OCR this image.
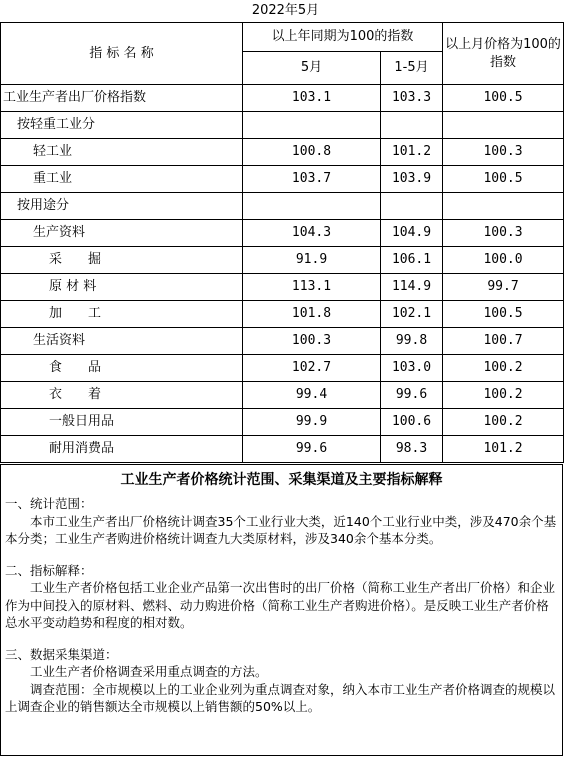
2022年5月
指 标 名 称	以上年同期为100的指数		以上月价格为100的指数
	5月	1-5月	
工业生产者出厂价格指数	103.1	103.3	100.5
按轻重工业分			
轻工业	100.8	101.2	100.3
重工业	103.7	103.9	100.5
按用途分			
生产资料	104.3	104.9	100.3
采　　掘	91.9	106.1	100.0
原 材 料	113.1	114.9	99.7
加　　工	101.8	102.1	100.5
生活资料	100.3	99.8	100.7
食　　品	102.7	103.0	100.2
衣　　着	99.4	99.6	100.2
一般日用品	99.9	100.6	100.2
耐用消费品	99.6	98.3	101.2
工业生产者价格统计范围、采集渠道及主要指标解释

一、统计范围：

本市工业生产者出厂价格统计调查35个工业行业大类，近140个工业行业中类，涉及470余个基本分类；工业生产者购进价格统计调查九大类原材料，涉及340余个基本分类。

二、指标解释：

工业生产者价格包括工业企业产品第一次出售时的出厂价格（简称工业生产者出厂价格）和企业作为中间投入的原材料、燃料、动力购进价格（简称工业生产者购进价格）。是反映工业生产者价格总水平变动趋势和程度的相对数。

三、数据采集渠道：

工业生产者价格调查采用重点调查的方法。

调查范围：全市规模以上的工业企业列为重点调查对象，纳入本市工业生产者价格调查的规模以上调查企业的销售额达全市规模以上销售额的50%以上。
